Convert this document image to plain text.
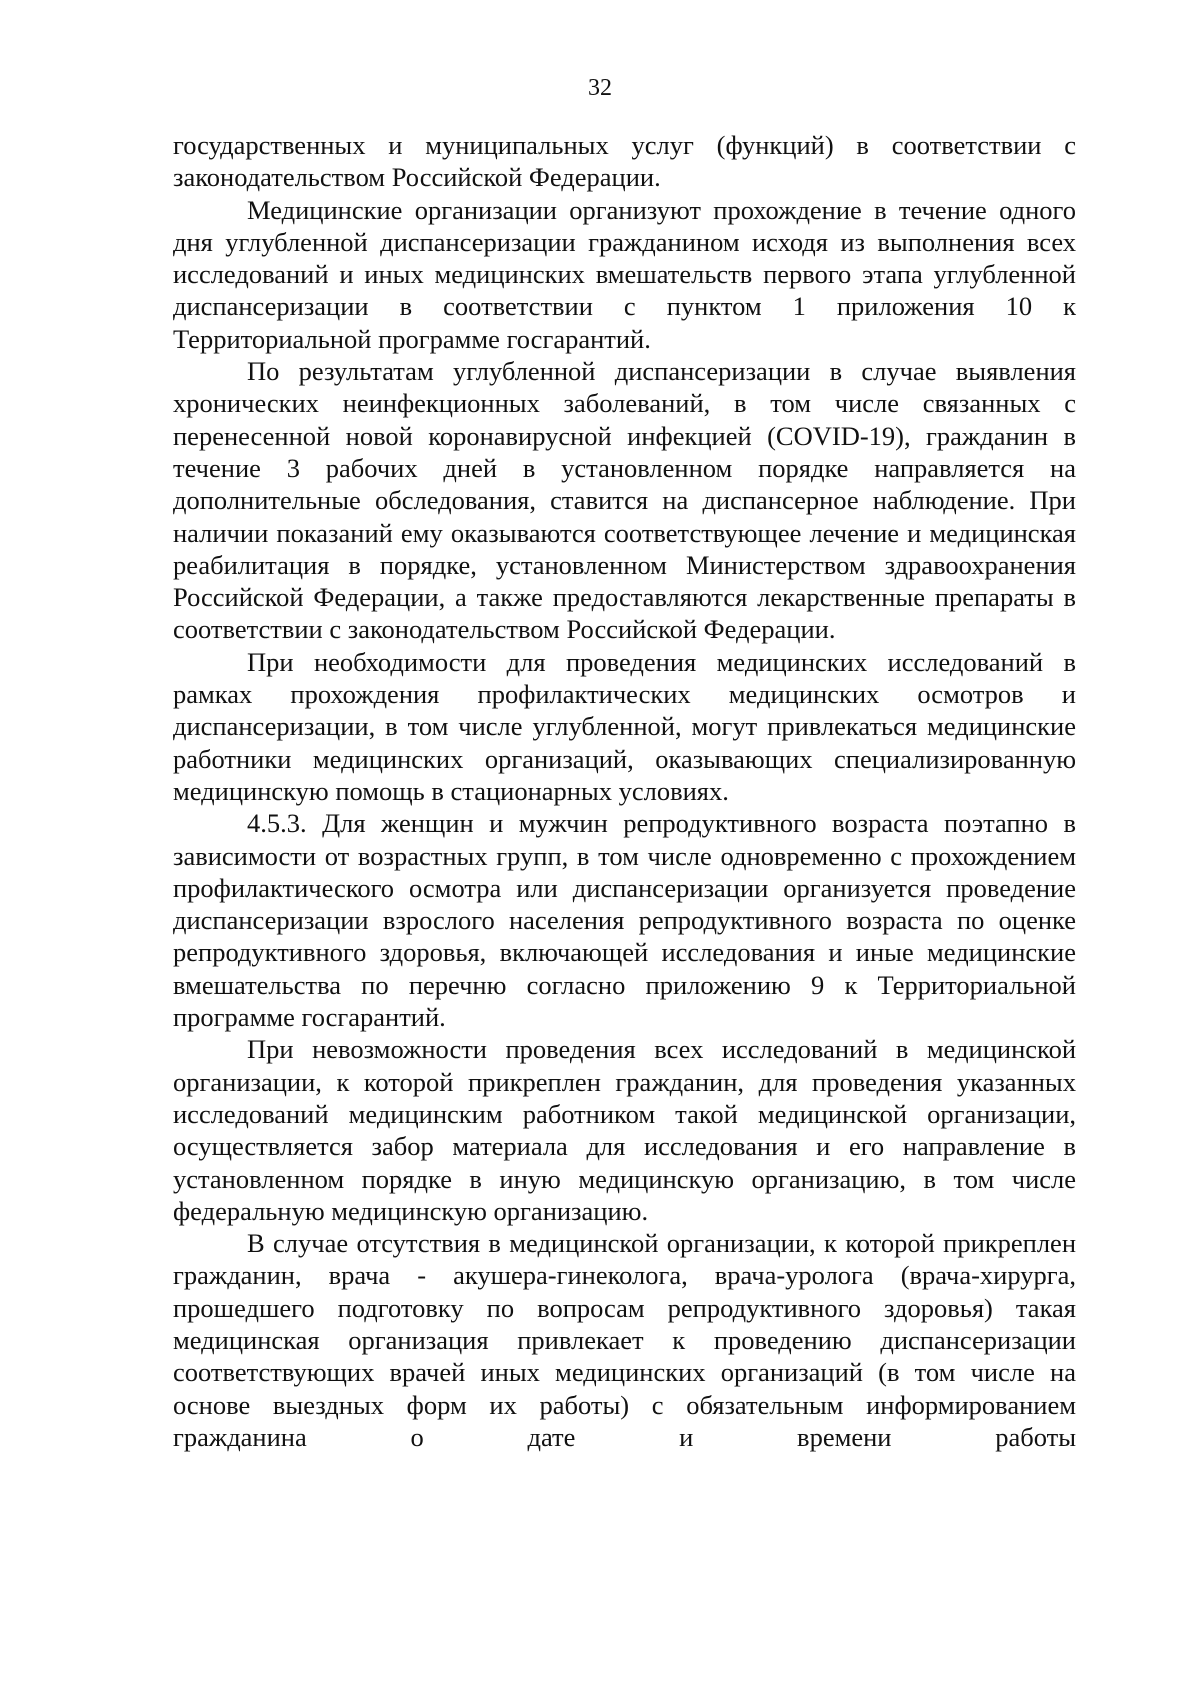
32

государственных и муниципальных услуг (функций) в соответствии с законодательством Российской Федерации.

Медицинские организации организуют прохождение в течение одного дня углубленной диспансеризации гражданином исходя из выполнения всех исследований и иных медицинских вмешательств первого этапа углубленной диспансеризации в соответствии с пунктом 1 приложения 10 к Территориальной программе госгарантий.

По результатам углубленной диспансеризации в случае выявления хронических неинфекционных заболеваний, в том числе связанных с перенесенной новой коронавирусной инфекцией (COVID-19), гражданин в течение 3 рабочих дней в установленном порядке направляется на дополнительные обследования, ставится на диспансерное наблюдение. При наличии показаний ему оказываются соответствующее лечение и медицинская реабилитация в порядке, установленном Министерством здравоохранения Российской Федерации, а также предоставляются лекарственные препараты в соответствии с законодательством Российской Федерации.

При необходимости для проведения медицинских исследований в рамках прохождения профилактических медицинских осмотров и диспансеризации, в том числе углубленной, могут привлекаться медицинские работники медицинских организаций, оказывающих специализированную медицинскую помощь в стационарных условиях.

4.5.3. Для женщин и мужчин репродуктивного возраста поэтапно в зависимости от возрастных групп, в том числе одновременно с прохождением профилактического осмотра или диспансеризации организуется проведение диспансеризации взрослого населения репродуктивного возраста по оценке репродуктивного здоровья, включающей исследования и иные медицинские вмешательства по перечню согласно приложению 9 к Территориальной программе госгарантий.

При невозможности проведения всех исследований в медицинской организации, к которой прикреплен гражданин, для проведения указанных исследований медицинским работником такой медицинской организации, осуществляется забор материала для исследования и его направление в установленном порядке в иную медицинскую организацию, в том числе федеральную медицинскую организацию.

В случае отсутствия в медицинской организации, к которой прикреплен гражданин, врача - акушера-гинеколога, врача-уролога (врача-хирурга, прошедшего подготовку по вопросам репродуктивного здоровья) такая медицинская организация привлекает к проведению диспансеризации соответствующих врачей иных медицинских организаций (в том числе на основе выездных форм их работы) с обязательным информированием гражданина о дате и времени работы
